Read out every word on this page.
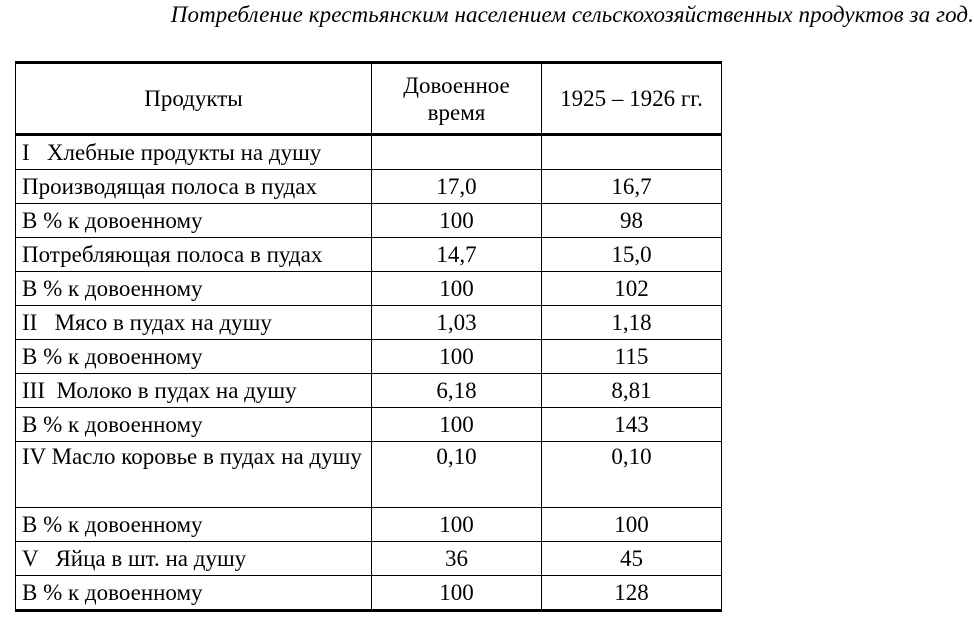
Потребление крестьянским населением сельскохозяйственных продуктов за год.
Продукты	Довоенное время	1925 – 1926 гг.
I   Хлебные продукты на душу		
Производящая полоса в пудах	17,0	16,7
В % к довоенному	100	98
Потребляющая полоса в пудах	14,7	15,0
В % к довоенному	100	102
II   Мясо в пудах на душу	1,03	1,18
В % к довоенному	100	115
III  Молоко в пудах на душу	6,18	8,81
В % к довоенному	100	143
IV Масло коровье в пудах на душу	0,10	0,10
В % к довоенному	100	100
V   Яйца в шт. на душу	36	45
В % к довоенному	100	128
